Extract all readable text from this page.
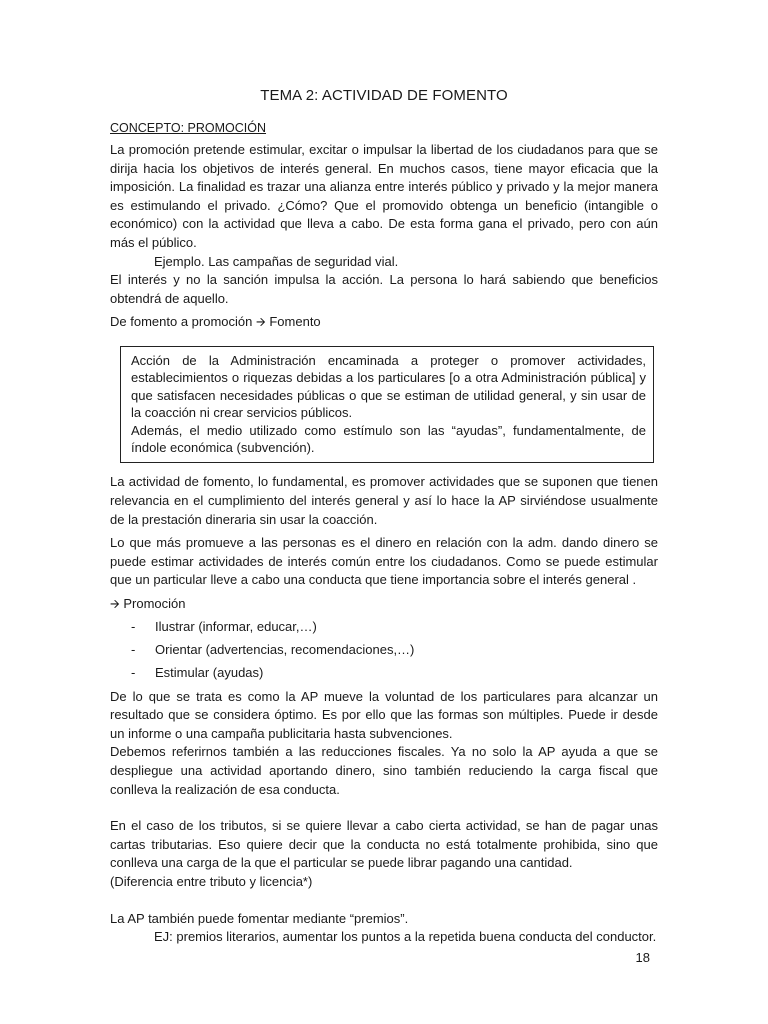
TEMA 2: ACTIVIDAD DE FOMENTO
CONCEPTO: PROMOCIÓN

La promoción pretende estimular, excitar o impulsar la libertad de los ciudadanos para que se dirija hacia los objetivos de interés general. En muchos casos, tiene mayor eficacia que la imposición. La finalidad es trazar una alianza entre interés público y privado y la mejor manera es estimulando el privado. ¿Cómo? Que el promovido obtenga un beneficio (intangible o económico) con la actividad que lleva a cabo. De esta forma gana el privado, pero con aún más el público.

Ejemplo. Las campañas de seguridad vial.

El interés y no la sanción impulsa la acción. La persona lo hará sabiendo que beneficios obtendrá de aquello.

De fomento a promoción 🡪 Fomento

Acción de la Administración encaminada a proteger o promover actividades, establecimientos o riquezas debidas a los particulares [o a otra Administración pública] y que satisfacen necesidades públicas o que se estiman de utilidad general, y sin usar de la coacción ni crear servicios públicos.

Además, el medio utilizado como estímulo son las “ayudas”, fundamentalmente, de índole económica (subvención).

La actividad de fomento, lo fundamental, es promover actividades que se suponen que tienen relevancia en el cumplimiento del interés general y así lo hace la AP sirviéndose usualmente de la prestación dineraria sin usar la coacción.

Lo que más promueve a las personas es el dinero en relación con la adm. dando dinero se puede estimar actividades de interés común entre los ciudadanos. Como se puede estimular que un particular lleve a cabo una conducta que tiene importancia sobre el interés general .

🡪 Promoción

-	Ilustrar (informar, educar,…)
-	Orientar (advertencias, recomendaciones,…)
-	Estimular (ayudas)

De lo que se trata es como la AP mueve la voluntad de los particulares para alcanzar un resultado que se considera óptimo. Es por ello que las formas son múltiples. Puede ir desde un informe o una campaña publicitaria hasta subvenciones.

Debemos referirnos también a las reducciones fiscales. Ya no solo la AP ayuda a que se despliegue una actividad aportando dinero, sino también reduciendo la carga fiscal que conlleva la realización de esa conducta.

En el caso de los tributos, si se quiere llevar a cabo cierta actividad, se han de pagar unas cartas tributarias. Eso quiere decir que la conducta no está totalmente prohibida, sino que conlleva una carga de la que el particular se puede librar pagando una cantidad.

(Diferencia entre tributo y licencia*)

La AP también puede fomentar mediante “premios”.

EJ: premios literarios, aumentar los puntos a la repetida buena conducta del conductor.

18
